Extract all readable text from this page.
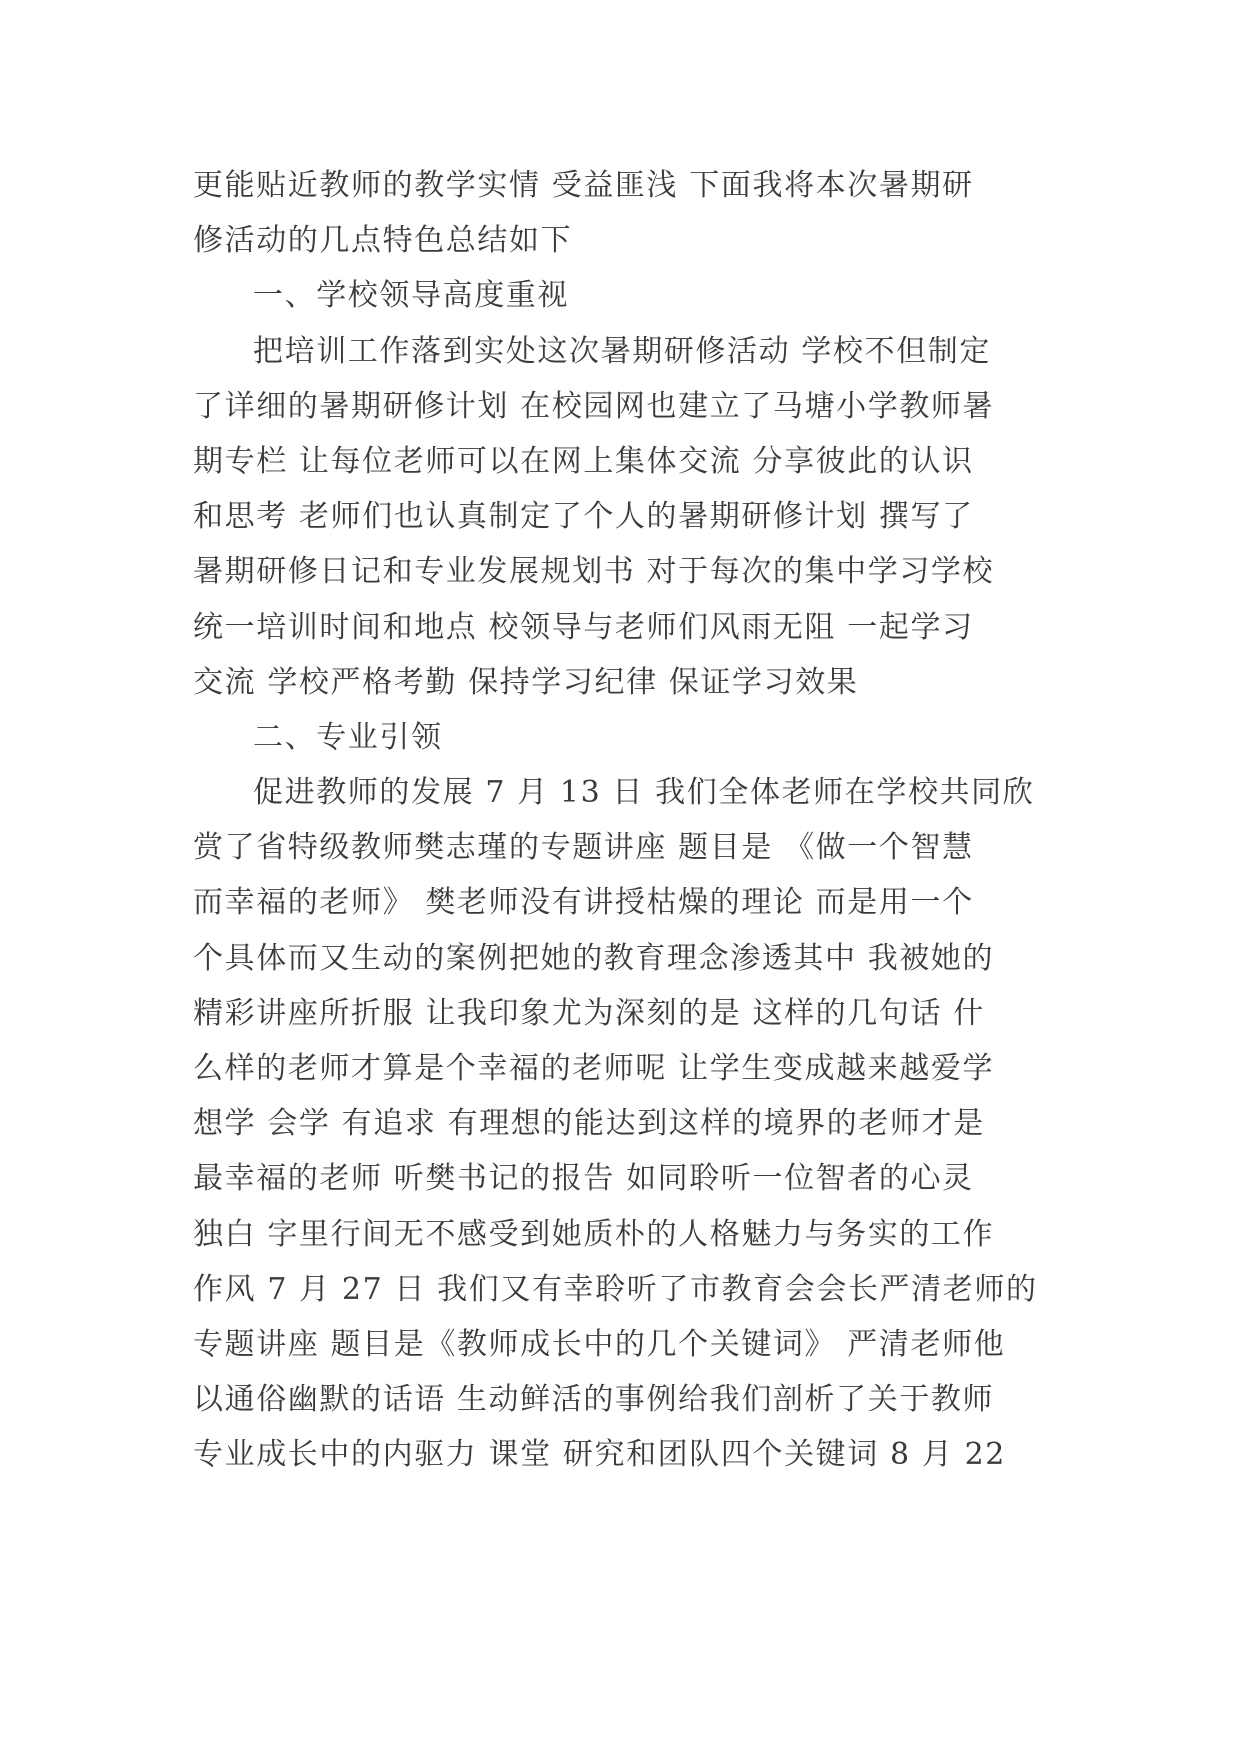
更能贴近教师的教学实情 受益匪浅 下面我将本次暑期研
修活动的几点特色总结如下
一、学校领导高度重视
把培训工作落到实处这次暑期研修活动 学校不但制定
了详细的暑期研修计划 在校园网也建立了马塘小学教师暑
期专栏 让每位老师可以在网上集体交流 分享彼此的认识
和思考 老师们也认真制定了个人的暑期研修计划 撰写了
暑期研修日记和专业发展规划书 对于每次的集中学习学校
统一培训时间和地点 校领导与老师们风雨无阻 一起学习
交流 学校严格考勤 保持学习纪律 保证学习效果
二、专业引领
促进教师的发展 7 月 13 日 我们全体老师在学校共同欣
赏了省特级教师樊志瑾的专题讲座 题目是 《做一个智慧
而幸福的老师》 樊老师没有讲授枯燥的理论 而是用一个
个具体而又生动的案例把她的教育理念渗透其中 我被她的
精彩讲座所折服 让我印象尤为深刻的是 这样的几句话 什
么样的老师才算是个幸福的老师呢 让学生变成越来越爱学
想学 会学 有追求 有理想的能达到这样的境界的老师才是
最幸福的老师 听樊书记的报告 如同聆听一位智者的心灵
独白 字里行间无不感受到她质朴的人格魅力与务实的工作
作风 7 月 27 日 我们又有幸聆听了市教育会会长严清老师的
专题讲座 题目是《教师成长中的几个关键词》 严清老师他
以通俗幽默的话语 生动鲜活的事例给我们剖析了关于教师
专业成长中的内驱力 课堂 研究和团队四个关键词 8 月 22
